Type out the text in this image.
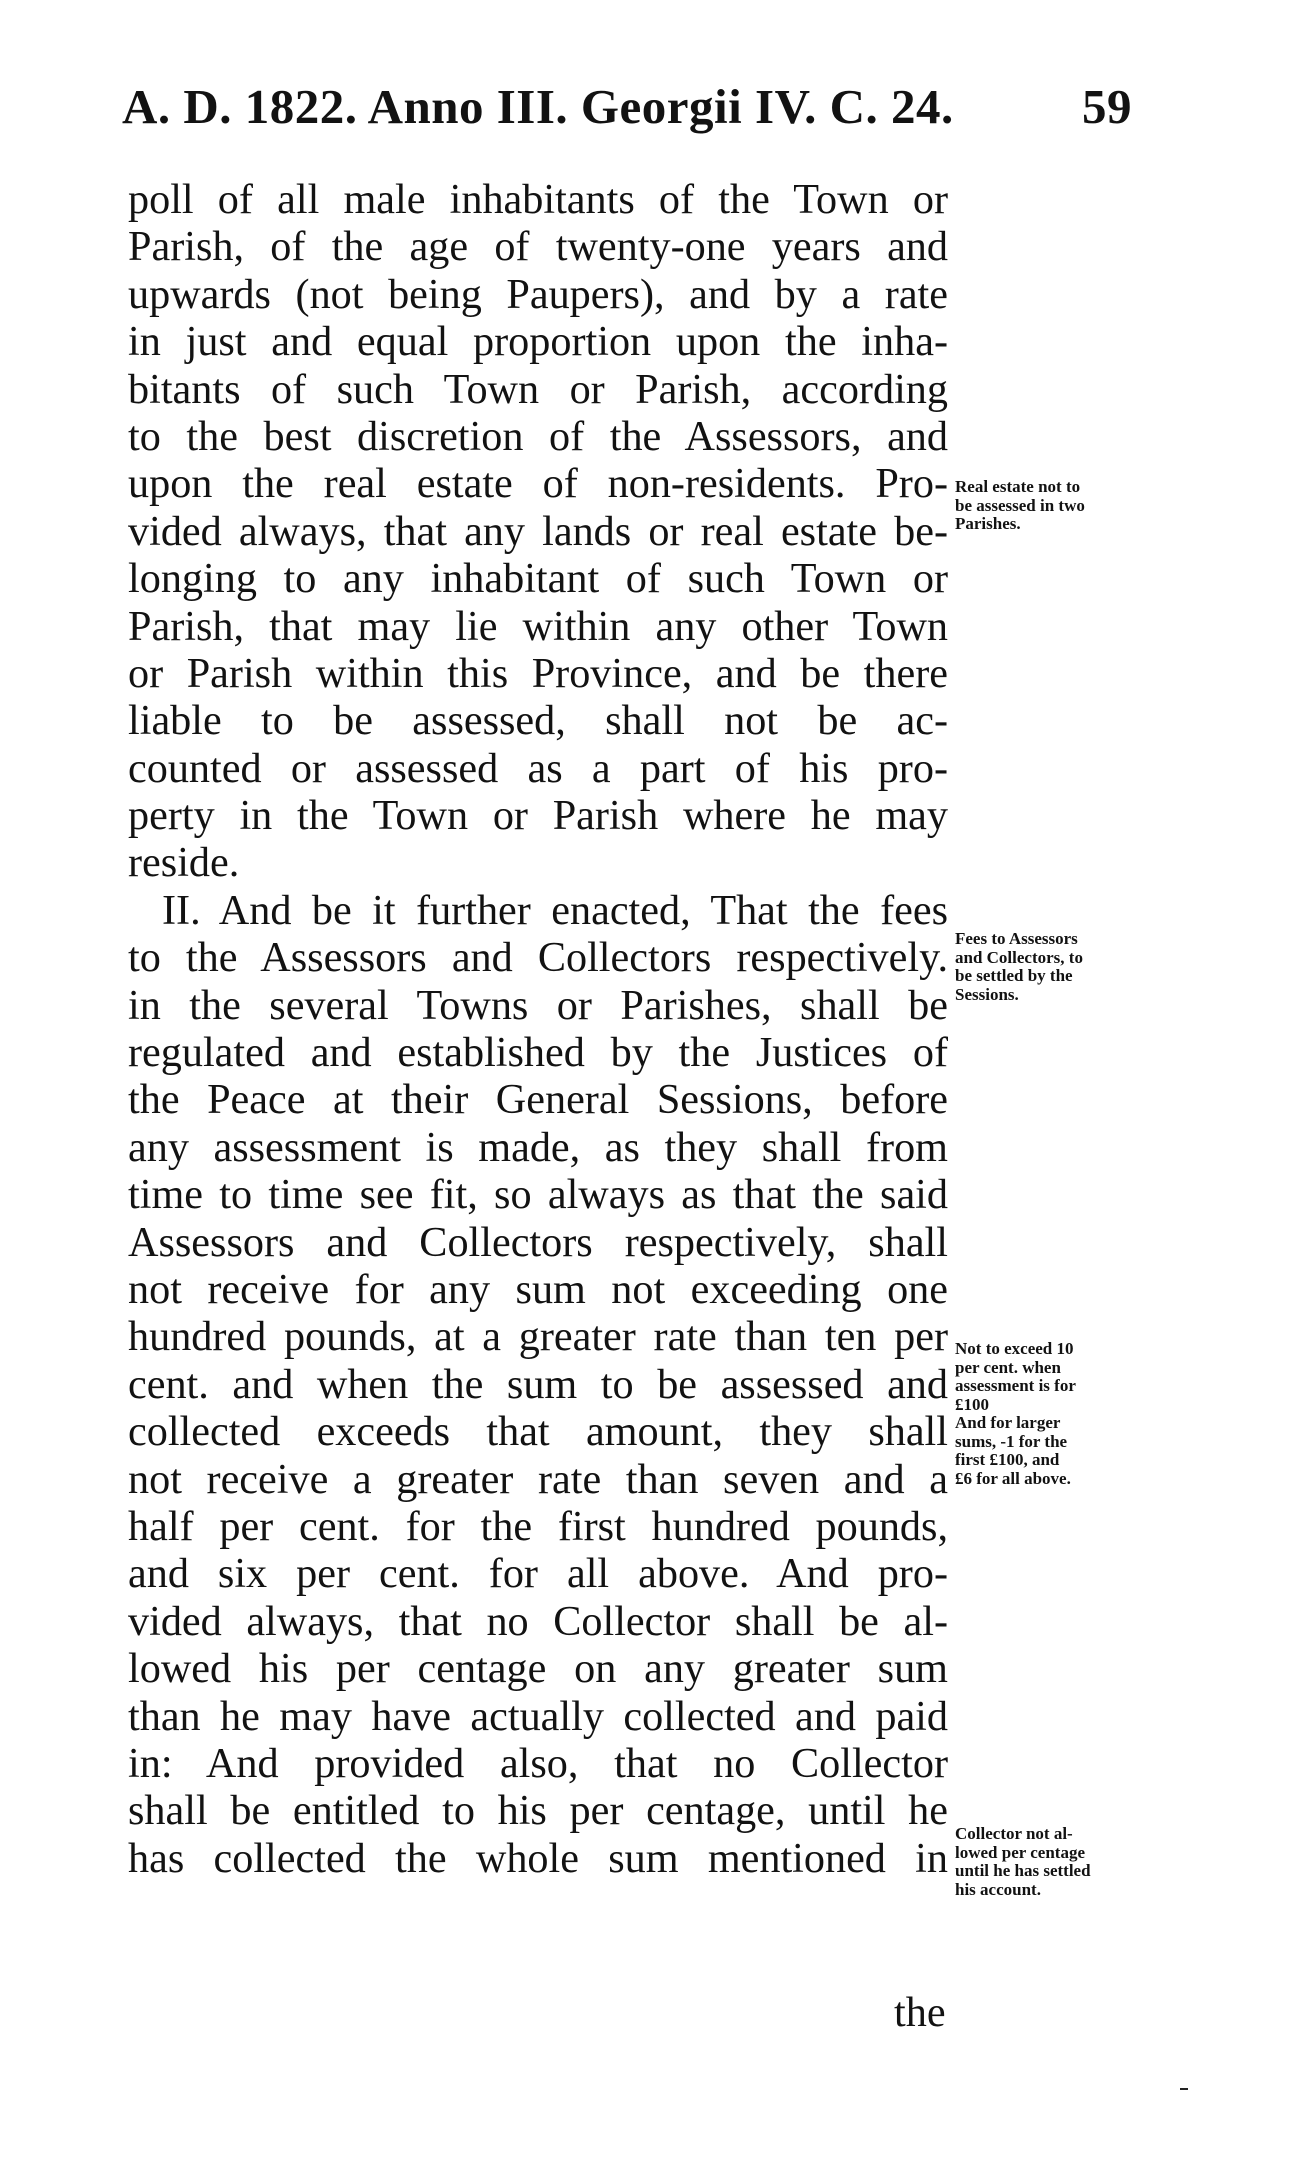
A. D. 1822. Anno III. Georgii IV. C. 24.	59
poll of all male inhabitants of the Town or
Parish, of the age of twenty-one years and
upwards (not being Paupers), and by a rate
in just and equal proportion upon the inha-
bitants of such Town or Parish, according
to the best discretion of the Assessors, and
upon the real estate of non-residents. Pro-
vided always, that any lands or real estate be-
longing to any inhabitant of such Town or
Parish, that may lie within any other Town
or Parish within this Province, and be there
liable to be assessed, shall not be ac-
counted or assessed as a part of his pro-
perty in the Town or Parish where he may
reside.
II. And be it further enacted, That the fees
to the Assessors and Collectors respectively.
in the several Towns or Parishes, shall be
regulated and established by the Justices of
the Peace at their General Sessions, before
any assessment is made, as they shall from
time to time see fit, so always as that the said
Assessors and Collectors respectively, shall
not receive for any sum not exceeding one
hundred pounds, at a greater rate than ten per
cent. and when the sum to be assessed and
collected exceeds that amount, they shall
not receive a greater rate than seven and a
half per cent. for the first hundred pounds,
and six per cent. for all above. And pro-
vided always, that no Collector shall be al-
lowed his per centage on any greater sum
than he may have actually collected and paid
in: And provided also, that no Collector
shall be entitled to his per centage, until he
has collected the whole sum mentioned in
the
Real estate not to
be assessed in two
Parishes.
Fees to Assessors
and Collectors, to
be settled by the
Sessions.
Not to exceed 10
per cent. when
assessment is for
£100
And for larger
sums, -1 for the
first £100, and
£6 for all above.
Collector not al-
lowed per centage
until he has settled
his account.
